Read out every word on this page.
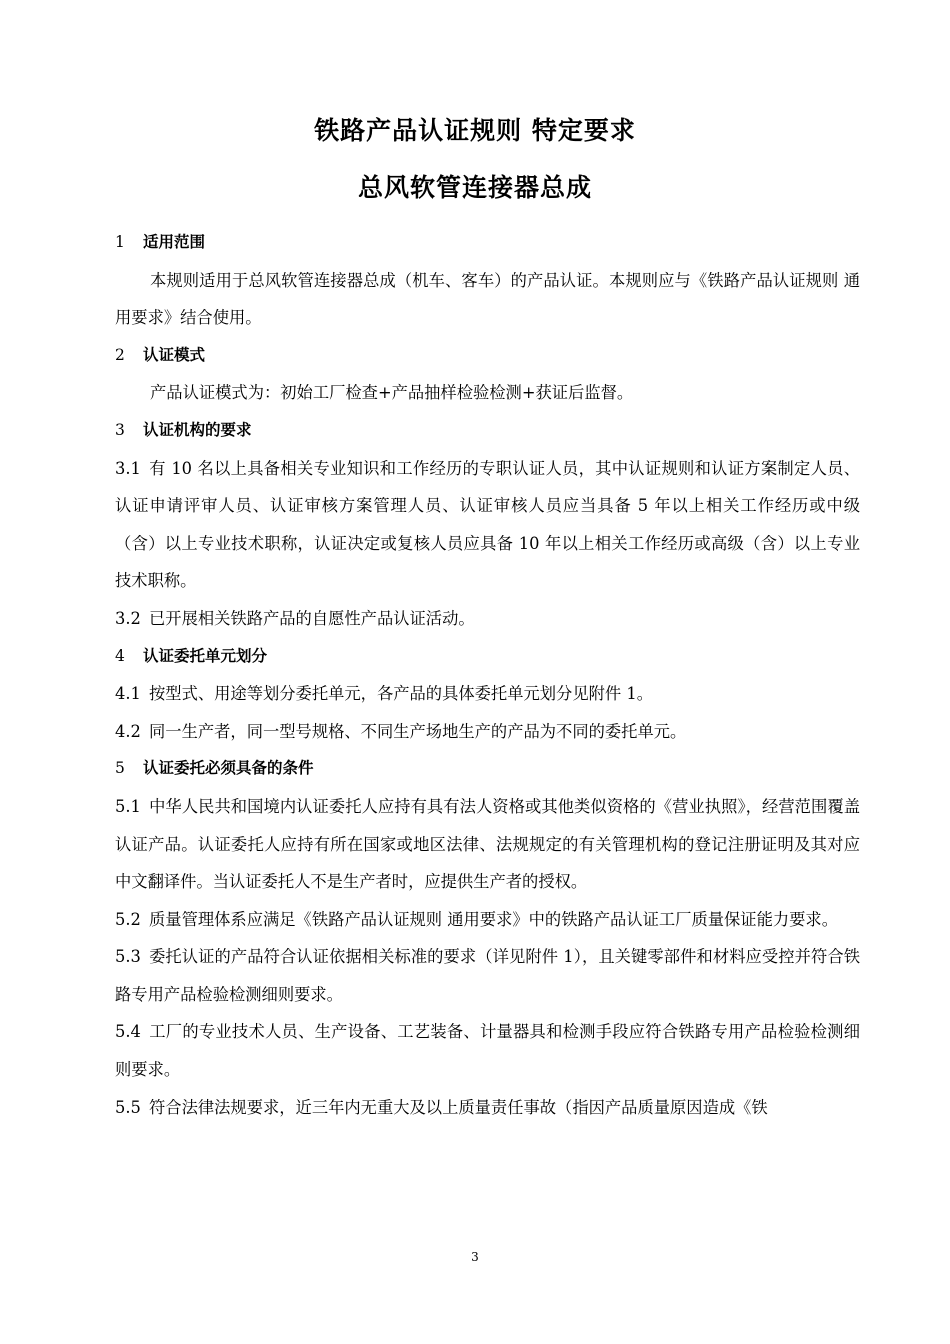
铁路产品认证规则 特定要求
总风软管连接器总成

1 适用范围

本规则适用于总风软管连接器总成（机车、客车）的产品认证。本规则应与《铁路产品认证规则 通用要求》结合使用。

2 认证模式

产品认证模式为：初始工厂检查+产品抽样检验检测+获证后监督。

3 认证机构的要求

3.1 有 10 名以上具备相关专业知识和工作经历的专职认证人员，其中认证规则和认证方案制定人员、认证申请评审人员、认证审核方案管理人员、认证审核人员应当具备 5 年以上相关工作经历或中级（含）以上专业技术职称，认证决定或复核人员应具备 10 年以上相关工作经历或高级（含）以上专业技术职称。

3.2 已开展相关铁路产品的自愿性产品认证活动。

4 认证委托单元划分

4.1 按型式、用途等划分委托单元，各产品的具体委托单元划分见附件 1。

4.2 同一生产者，同一型号规格、不同生产场地生产的产品为不同的委托单元。

5 认证委托必须具备的条件

5.1 中华人民共和国境内认证委托人应持有具有法人资格或其他类似资格的《营业执照》，经营范围覆盖认证产品。认证委托人应持有所在国家或地区法律、法规规定的有关管理机构的登记注册证明及其对应中文翻译件。当认证委托人不是生产者时，应提供生产者的授权。

5.2 质量管理体系应满足《铁路产品认证规则 通用要求》中的铁路产品认证工厂质量保证能力要求。

5.3 委托认证的产品符合认证依据相关标准的要求（详见附件 1），且关键零部件和材料应受控并符合铁路专用产品检验检测细则要求。

5.4 工厂的专业技术人员、生产设备、工艺装备、计量器具和检测手段应符合铁路专用产品检验检测细则要求。

5.5 符合法律法规要求，近三年内无重大及以上质量责任事故（指因产品质量原因造成《铁

3
